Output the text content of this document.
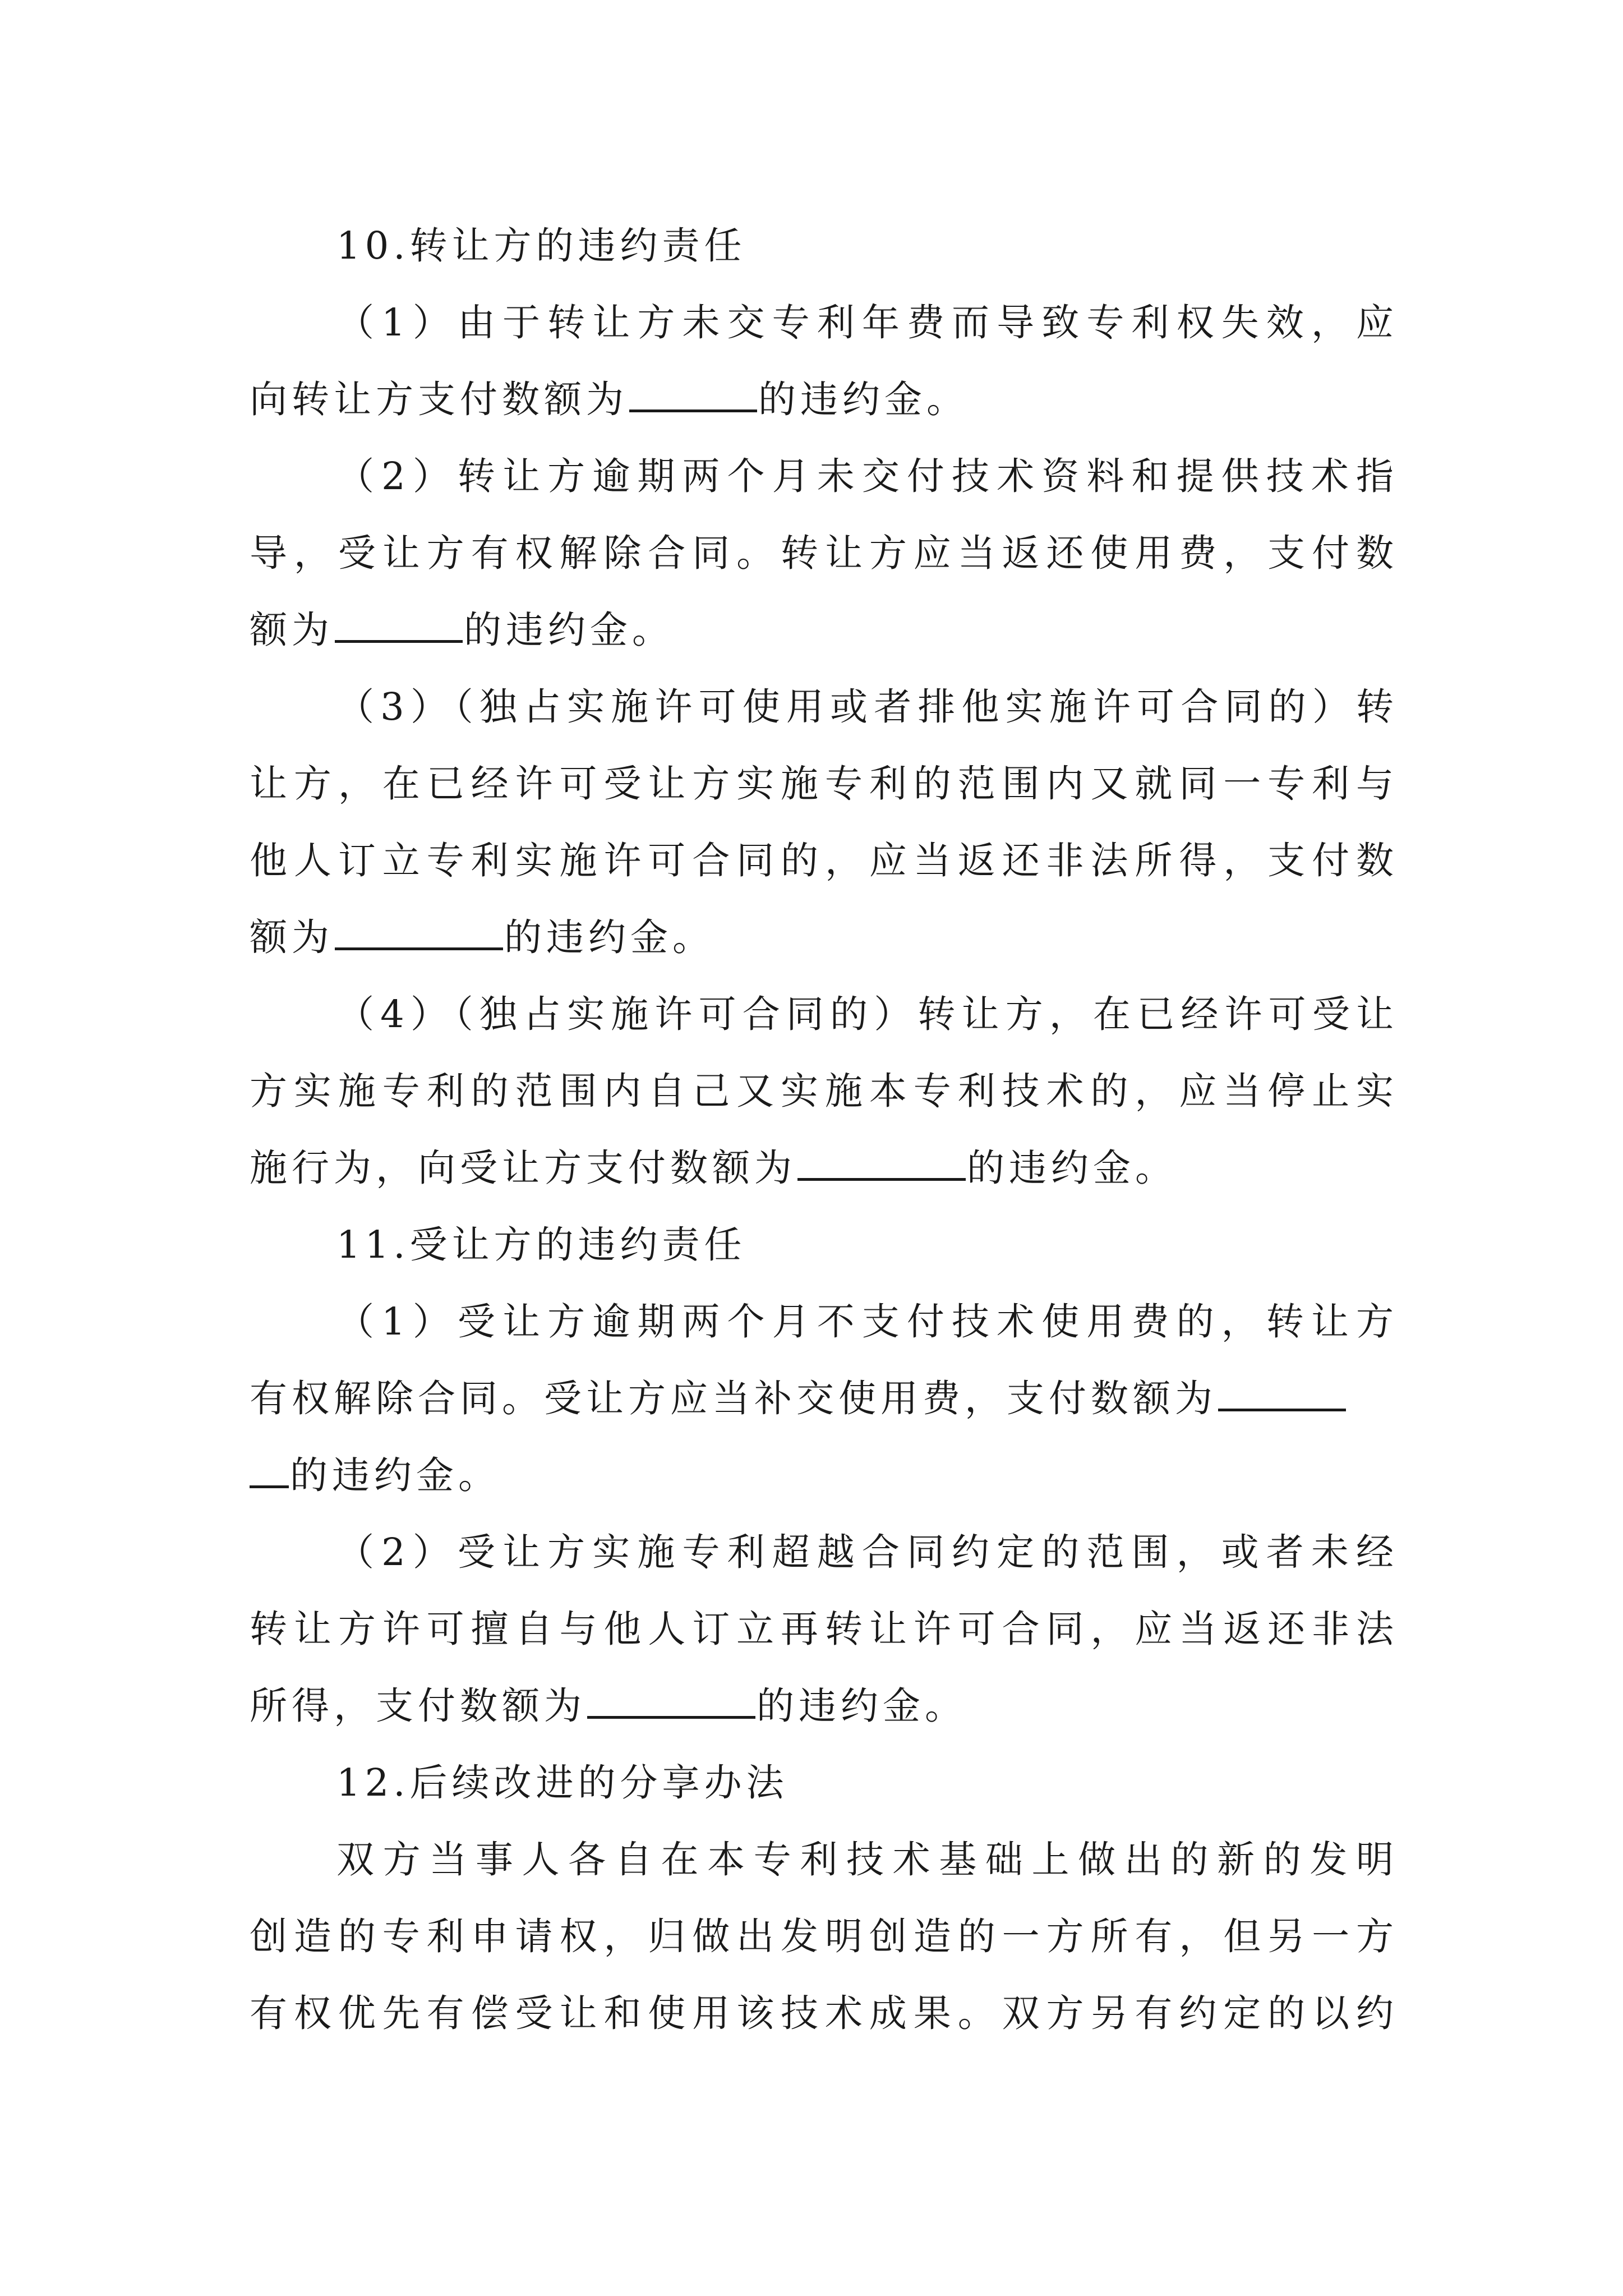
10.转让方的违约责任
（1）由于转让方未交专利年费而导致专利权失效，应
向转让方支付数额为	的违约金。
（2）转让方逾期两个月未交付技术资料和提供技术指
导，受让方有权解除合同。转让方应当返还使用费，支付数
额为	的违约金。
（3）（独占实施许可使用或者排他实施许可合同的）转
让方，在已经许可受让方实施专利的范围内又就同一专利与
他人订立专利实施许可合同的，应当返还非法所得，支付数
额为	的违约金。
（4）（独占实施许可合同的）转让方，在已经许可受让
方实施专利的范围内自己又实施本专利技术的，应当停止实
施行为，向受让方支付数额为	的违约金。
11.受让方的违约责任
（1）受让方逾期两个月不支付技术使用费的，转让方
有权解除合同。受让方应当补交使用费，支付数额为
的违约金。
（2）受让方实施专利超越合同约定的范围，或者未经
转让方许可擅自与他人订立再转让许可合同，应当返还非法
所得，支付数额为	的违约金。
12.后续改进的分享办法
双方当事人各自在本专利技术基础上做出的新的发明
创造的专利申请权，归做出发明创造的一方所有，但另一方
有权优先有偿受让和使用该技术成果。双方另有约定的以约
